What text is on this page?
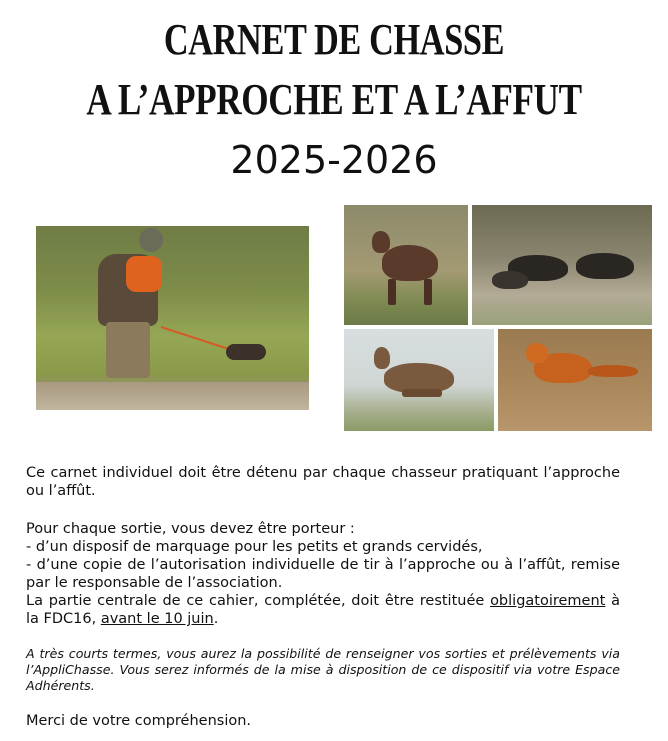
CARNET DE CHASSE
A L’APPROCHE ET A L’AFFUT
2025-2026
Ce carnet individuel doit être détenu par chaque chasseur pratiquant l’approche ou l’affût.
Pour chaque sortie, vous devez être porteur :
- d’un disposif de marquage pour les petits et grands cervidés,
- d’une copie de l’autorisation individuelle de tir à l’approche ou à l’affût, remise par le responsable de l’association.
La partie centrale de ce cahier, complétée, doit être restituée obligatoirement à la FDC16, avant le 10 juin.
A très courts termes, vous aurez la possibilité de renseigner vos sorties et prélèvements via l’AppliChasse. Vous serez informés de la mise à disposition de ce dispositif via votre Espace Adhérents.
Merci de votre compréhension.
